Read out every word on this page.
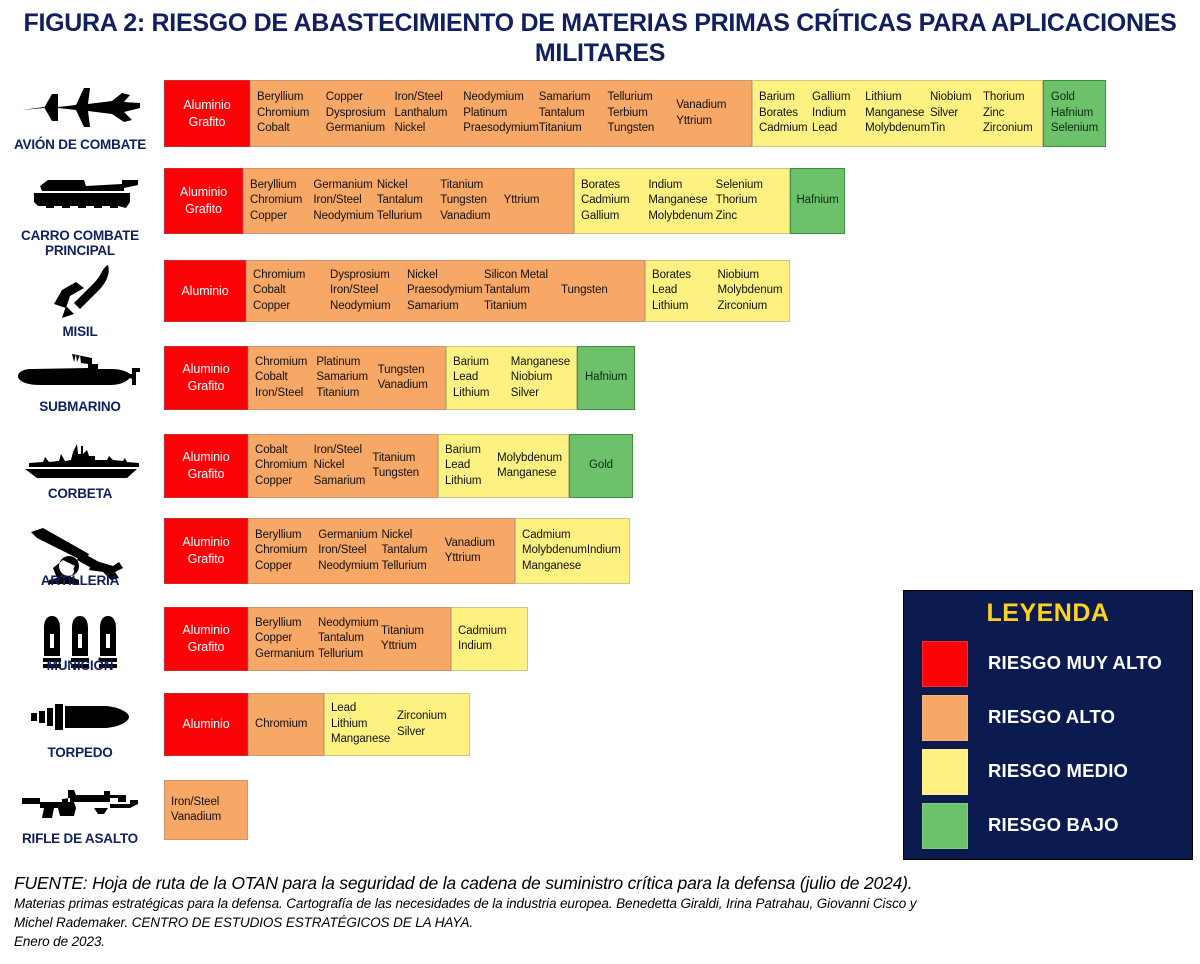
FIGURA 2: RIESGO DE ABASTECIMIENTO DE MATERIAS PRIMAS CRÍTICAS PARA APLICACIONES MILITARES
AVIÓN DE COMBATE
Aluminio
Grafito
Beryllium
Chromium
Cobalt
Copper
Dysprosium
Germanium
Iron/Steel
Lanthalum
Nickel
Neodymium
Platinum
Praesodymium
Samarium
Tantalum
Titanium
Tellurium
Terbium
Tungsten
Vanadium
Yttrium
Barium
Borates
Cadmium
Gallium
Indium
Lead
Lithium
Manganese
Molybdenum
Niobium
Silver
Tin
Thorium
Zinc
Zirconium
Gold
Hafnium
Selenium
CARRO COMBATE PRINCIPAL
Aluminio
Grafito
Beryllium
Chromium
Copper
Germanium
Iron/Steel
Neodymium
Nickel
Tantalum
Tellurium
Titanium
Tungsten
Vanadium
Yttrium
Borates
Cadmium
Gallium
Indium
Manganese
Molybdenum
Selenium
Thorium
Zinc
Hafnium
MISIL
Aluminio
Chromium
Cobalt
Copper
Dysprosium
Iron/Steel
Neodymium
Nickel
Praesodymium
Samarium
Silicon Metal
Tantalum
Titanium
Tungsten
Borates
Lead
Lithium
Niobium
Molybdenum
Zirconium
SUBMARINO
Aluminio
Grafito
Chromium
Cobalt
Iron/Steel
Platinum
Samarium
Titanium
Tungsten
Vanadium
Barium
Lead
Lithium
Manganese
Niobium
Silver
Hafnium
CORBETA
Aluminio
Grafito
Cobalt
Chromium
Copper
Iron/Steel
Nickel
Samarium
Titanium
Tungsten
Barium
Lead
Lithium
Molybdenum
Manganese
Gold
ARTILLERÍA
Aluminio
Grafito
Beryllium
Chromium
Copper
Germanium
Iron/Steel
Neodymium
Nickel
Tantalum
Tellurium
Vanadium
Yttrium
Cadmium
Molybdenum
Manganese
Indium
MUNICIÓN
Aluminio
Grafito
Beryllium
Copper
Germanium
Neodymium
Tantalum
Tellurium
Titanium
Yttrium
Cadmium
Indium
TORPEDO
Aluminio	Chromium
Lead
Lithium
Manganese
Zirconium
Silver
RIFLE DE ASALTO
Iron/Steel
Vanadium
LEYENDA
RIESGO MUY ALTO
RIESGO ALTO
RIESGO MEDIO
RIESGO BAJO
FUENTE: Hoja de ruta de la OTAN para la seguridad de la cadena de suministro crítica para la defensa (julio de 2024).
Materias primas estratégicas para la defensa. Cartografía de las necesidades de la industria europea. Benedetta Giraldi, Irina Patrahau, Giovanni Cisco y
Michel Rademaker. CENTRO DE ESTUDIOS ESTRATÉGICOS DE LA HAYA.
Enero de 2023.
